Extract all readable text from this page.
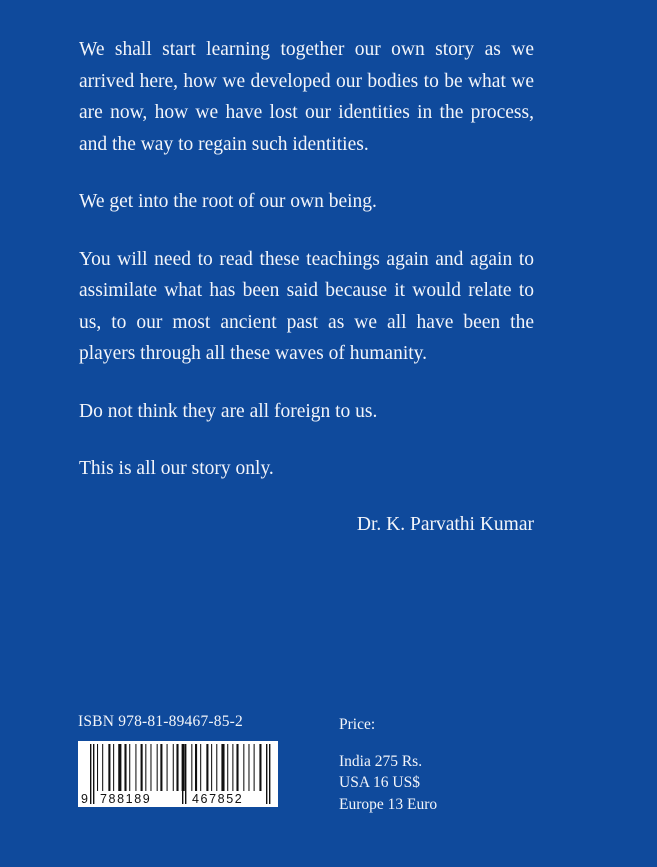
We shall start learning together our own story as we arrived here, how we developed our bodies to be what we are now, how we have lost our identities in the process, and the way to regain such identities.

We get into the root of our own being.

You will need to read these teachings again and again to assimilate what has been said because it would relate to us, to our most ancient past as we all have been the players through all these waves of humanity.

Do not think they are all foreign to us.

This is all our story only.

Dr. K. Parvathi Kumar

ISBN 978-81-89467-85-2

9 788189	467852

Price:

India 275 Rs.

USA 16 US$

Europe 13 Euro
